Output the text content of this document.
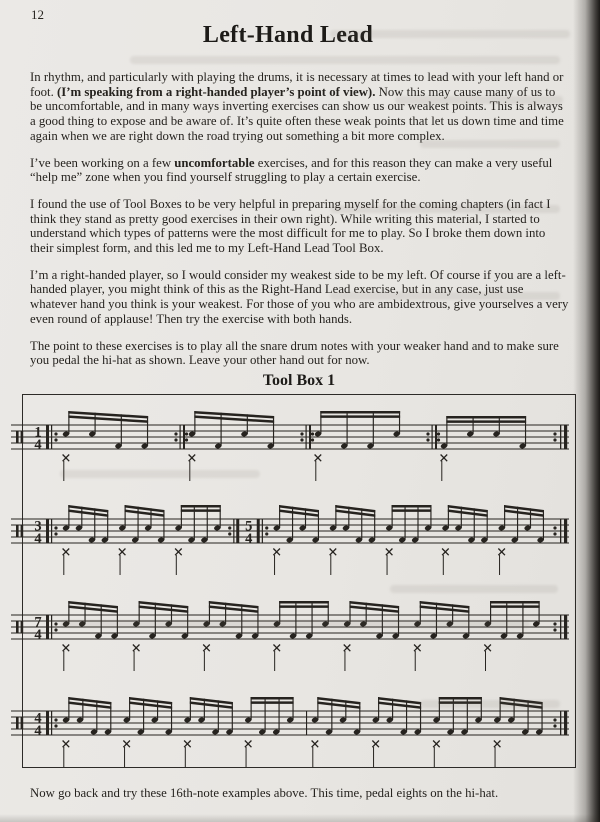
12
Left-Hand Lead

In rhythm, and particularly with playing the drums, it is necessary at times to lead with your left hand or foot. (I’m speaking from a right-handed player’s point of view). Now this may cause many of us to be uncomfortable, and in many ways inverting exercises can show us our weakest points. This is always a good thing to expose and be aware of. It’s quite often these weak points that let us down time and time again when we are right down the road trying out something a bit more complex.

I’ve been working on a few uncomfortable exercises, and for this reason they can make a very useful “help me” zone when you find yourself struggling to play a certain exercise.

I found the use of Tool Boxes to be very helpful in preparing myself for the coming chapters (in fact I think they stand as pretty good exercises in their own right). While writing this material, I started to understand which types of patterns were the most difficult for me to play. So I broke them down into their simplest form, and this led me to my Left-Hand Lead Tool Box.

I’m a right-handed player, so I would consider my weakest side to be my left. Of course if you are a left-handed player, you might think of this as the Right-Hand Lead exercise, but in any case, just use whatever hand you think is your weakest. For those of you who are ambidextrous, give yourselves a very even round of applause! Then try the exercise with both hands.

The point to these exercises is to play all the snare drum notes with your weaker hand and to make sure you pedal the hi-hat as shown. Leave your other hand out for now.

Tool Box 1
1
4
3
4
5
4
7
4
4
4
Now go back and try these 16th-note examples above. This time, pedal eights on the hi-hat.
